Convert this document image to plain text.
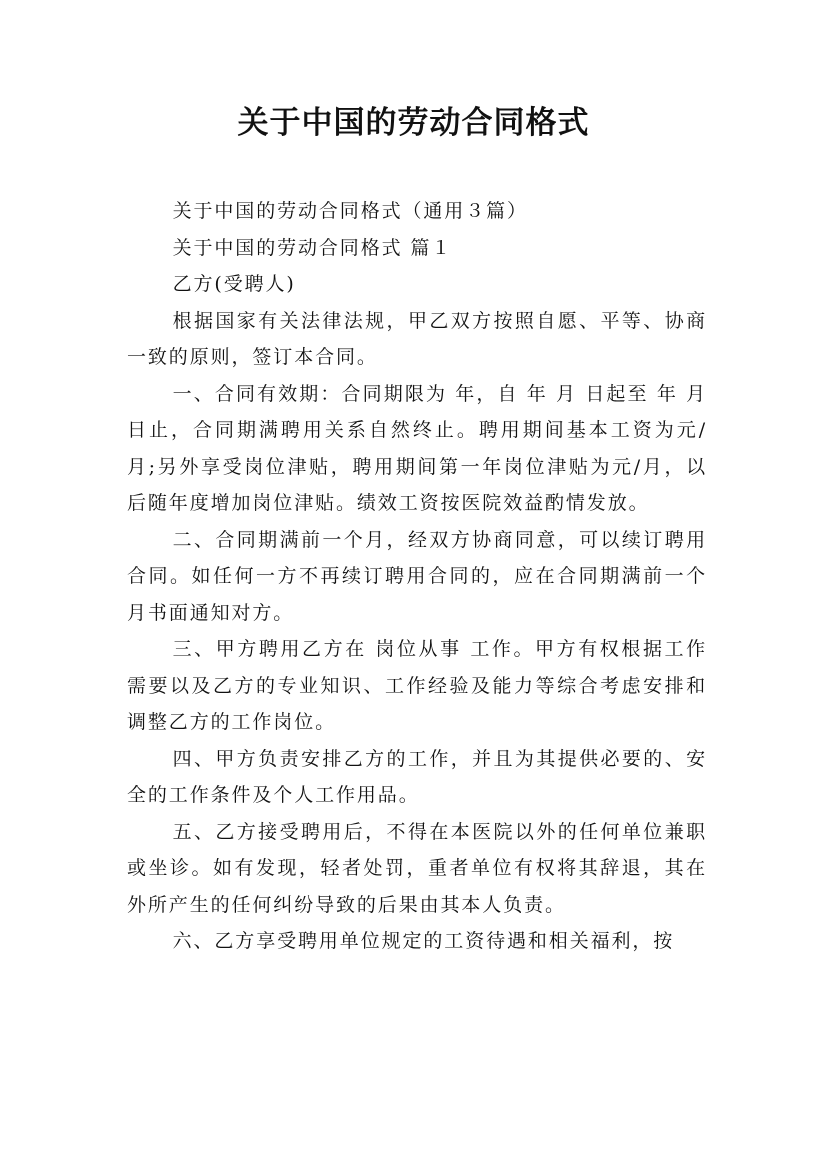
关于中国的劳动合同格式

关于中国的劳动合同格式（通用３篇）

关于中国的劳动合同格式 篇１

乙方(受聘人)

根据国家有关法律法规，甲乙双方按照自愿、平等、协商一致的原则，签订本合同。

一、合同有效期：合同期限为 年，自 年 月 日起至 年 月 日止，合同期满聘用关系自然终止。聘用期间基本工资为元/月;另外享受岗位津贴，聘用期间第一年岗位津贴为元/月，以后随年度增加岗位津贴。绩效工资按医院效益酌情发放。

二、合同期满前一个月，经双方协商同意，可以续订聘用合同。如任何一方不再续订聘用合同的，应在合同期满前一个月书面通知对方。

三、甲方聘用乙方在 岗位从事 工作。甲方有权根据工作需要以及乙方的专业知识、工作经验及能力等综合考虑安排和调整乙方的工作岗位。

四、甲方负责安排乙方的工作，并且为其提供必要的、安全的工作条件及个人工作用品。

五、乙方接受聘用后，不得在本医院以外的任何单位兼职或坐诊。如有发现，轻者处罚，重者单位有权将其辞退，其在外所产生的任何纠纷导致的后果由其本人负责。

六、乙方享受聘用单位规定的工资待遇和相关福利，按
